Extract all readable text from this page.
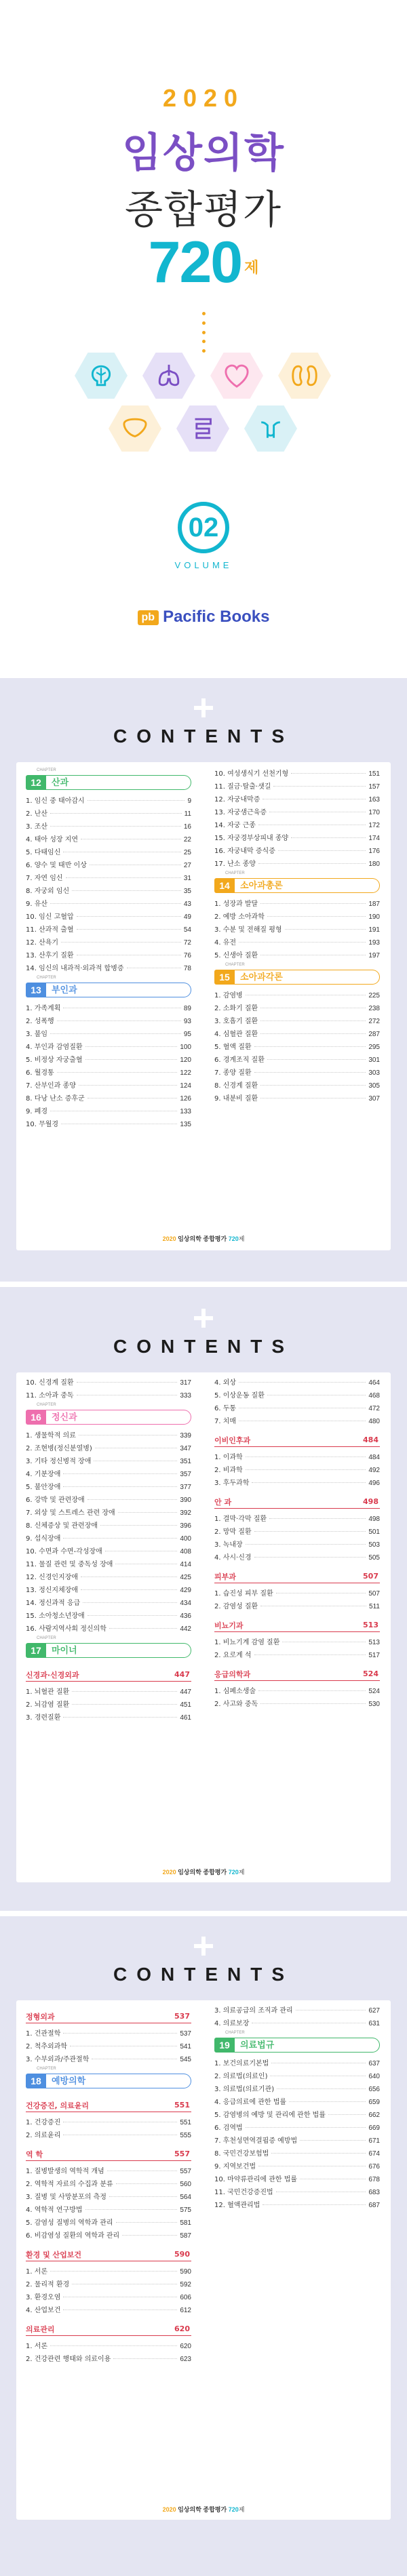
2020
임상의학
종합평가
720 제
02
VOLUME
pb Pacific Books
CONTENTS
CHAPTER
12	산과
1. 임신 중 태아감시	9
2. 난산	11
3. 조산	16
4. 태아 성장 지연	22
5. 다태임신	25
6. 양수 및 태반 이상	27
7. 자연 임신	31
8. 자궁외 임신	35
9. 유산	43
10. 임신 고혈압	49
11. 산과적 출혈	54
12. 산욕기	72
13. 산후기 질환	76
14. 임신의 내과적·외과적 합병증	78
CHAPTER
13	부인과
1. 가족계획	89
2. 성폭행	93
3. 불임	95
4. 부인과 감염질환	100
5. 비정상 자궁출혈	120
6. 월경통	122
7. 산부인과 종양	124
8. 다낭 난소 증후군	126
9. 폐경	133
10. 무월경	135
10. 여성생식기 선천기형	151
11. 질금·탈출·샛길	157
12. 자궁내막증	163
13. 자궁샘근육증	170
14. 자궁 근종	172
15. 자궁경부상피내 종양	174
16. 자궁내막 증식증	176
17. 난소 종양	180
CHAPTER
14	소아과총론
1. 성장과 발달	187
2. 예방 소아과학	190
3. 수분 및 전해질 평형	191
4. 유전	193
5. 신생아 질환	197
CHAPTER
15	소아과각론
1. 감염병	225
2. 소화기 질환	238
3. 호흡기 질환	272
4. 심혈관 질환	287
5. 혈액 질환	295
6. 경계조직 질환	301
7. 종양 질환	303
8. 신경계 질환	305
9. 내분비 질환	307
2020 임상의학 종합평가 720제
CONTENTS
10. 신경계 질환	317
11. 소아과 중독	333
CHAPTER
16	정신과
1. 생물학적 의료	339
2. 조현병(정신분열병)	347
3. 기타 정신병적 장애	351
4. 기분장애	357
5. 불안장애	377
6. 강박 및 관련장애	390
7. 외상 및 스트레스 관련 장애	392
8. 신체증상 및 관련장애	396
9. 섭식장애	400
10. 수면과 수면-각성장애	408
11. 물질 관련 및 중독성 장애	414
12. 신경인지장애	425
13. 정신지체장애	429
14. 정신과적 응급	434
15. 소아청소년장애	436
16. 사람지역사회 정신의학	442
CHAPTER
17	마이너
신경과·신경외과	447
1. 뇌혈관 질환	447
2. 뇌감염 질환	451
3. 경련질환	461
4. 외상	464
5. 이상운동 질환	468
6. 두통	472
7. 치매	480
이비인후과	484
1. 이과학	484
2. 비과학	492
3. 후두과학	496
안 과	498
1. 결막·각막 질환	498
2. 망막 질환	501
3. 녹내장	503
4. 사시·신경	505
피부과	507
1. 습진성 피부 질환	507
2. 감염성 질환	511
비뇨기과	513
1. 비뇨기계 감염 질환	513
2. 요로계 석	517
응급의학과	524
1. 심폐소생술	524
2. 사고와 중독	530
2020 임상의학 종합평가 720제
CONTENTS
정형외과	537
1. 건관절학	537
2. 척추외과학	541
3. 수부외과/주관절학	545
CHAPTER
18	예방의학
건강증진, 의료윤리	551
1. 건강증진	551
2. 의료윤리	555
역 학	557
1. 질병발생의 역학적 개념	557
2. 역학적 자료의 수집과 분류	560
3. 질병 및 사망분포의 측정	564
4. 역학적 연구방법	575
5. 감염성 질병의 역학과 관리	581
6. 비감염성 질환의 역학과 관리	587
환경 및 산업보건	590
1. 서론	590
2. 물리적 환경	592
3. 환경오염	606
4. 산업보건	612
의료관리	620
1. 서론	620
2. 건강관련 행태와 의료이용	623
3. 의료공급의 조직과 관리	627
4. 의료보장	631
CHAPTER
19	의료법규
1. 보건의료기본법	637
2. 의료법(의료인)	640
3. 의료법(의료기관)	656
4. 응급의료에 관한 법률	659
5. 감염병의 예방 및 관리에 관한 법률	662
6. 검역법	669
7. 후천성면역결핍증 예방법	671
8. 국민건강보험법	674
9. 지역보건법	676
10. 마약류관리에 관한 법률	678
11. 국민건강증진법	683
12. 혈액관리법	687
2020 임상의학 종합평가 720제
